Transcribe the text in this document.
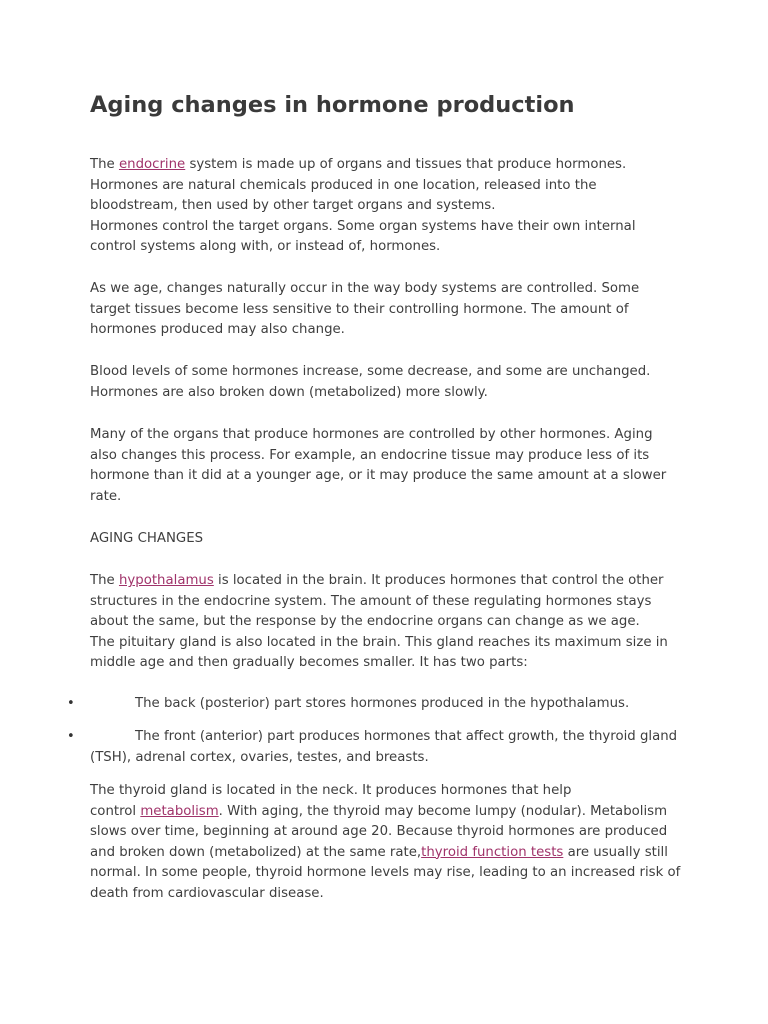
Aging changes in hormone production
The endocrine system is made up of organs and tissues that produce hormones.
Hormones are natural chemicals produced in one location, released into the
bloodstream, then used by other target organs and systems.
Hormones control the target organs. Some organ systems have their own internal
control systems along with, or instead of, hormones.
As we age, changes naturally occur in the way body systems are controlled. Some
target tissues become less sensitive to their controlling hormone. The amount of
hormones produced may also change.
Blood levels of some hormones increase, some decrease, and some are unchanged.
Hormones are also broken down (metabolized) more slowly.
Many of the organs that produce hormones are controlled by other hormones. Aging
also changes this process. For example, an endocrine tissue may produce less of its
hormone than it did at a younger age, or it may produce the same amount at a slower
rate.
AGING CHANGES
The hypothalamus is located in the brain. It produces hormones that control the other
structures in the endocrine system. The amount of these regulating hormones stays
about the same, but the response by the endocrine organs can change as we age.
The pituitary gland is also located in the brain. This gland reaches its maximum size in
middle age and then gradually becomes smaller. It has two parts:
•	The back (posterior) part stores hormones produced in the hypothalamus.
•	The front (anterior) part produces hormones that affect growth, the thyroid gland
(TSH), adrenal cortex, ovaries, testes, and breasts.
The thyroid gland is located in the neck. It produces hormones that help
control metabolism. With aging, the thyroid may become lumpy (nodular). Metabolism
slows over time, beginning at around age 20. Because thyroid hormones are produced
and broken down (metabolized) at the same rate,thyroid function tests are usually still
normal. In some people, thyroid hormone levels may rise, leading to an increased risk of
death from cardiovascular disease.
